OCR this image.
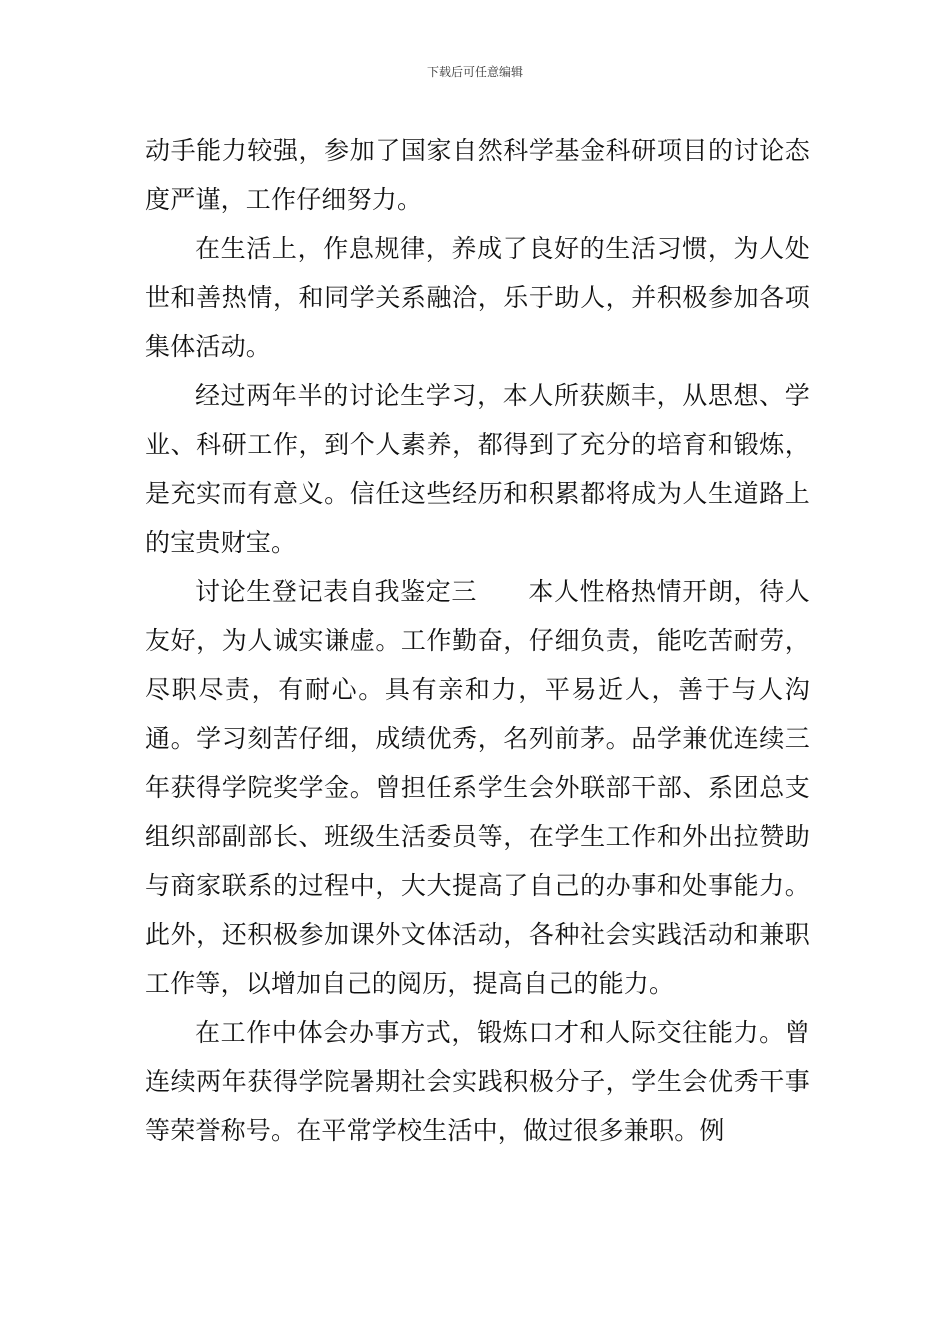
下载后可任意编辑

动手能力较强，参加了国家自然科学基金科研项目的讨论态度严谨，工作仔细努力。

在生活上，作息规律，养成了良好的生活习惯，为人处世和善热情，和同学关系融洽，乐于助人，并积极参加各项集体活动。

经过两年半的讨论生学习，本人所获颇丰，从思想、学业、科研工作，到个人素养，都得到了充分的培育和锻炼，是充实而有意义。信任这些经历和积累都将成为人生道路上的宝贵财宝。

讨论生登记表自我鉴定三　　本人性格热情开朗，待人友好，为人诚实谦虚。工作勤奋，仔细负责，能吃苦耐劳，尽职尽责，有耐心。具有亲和力，平易近人，善于与人沟通。学习刻苦仔细，成绩优秀，名列前茅。品学兼优连续三年获得学院奖学金。曾担任系学生会外联部干部、系团总支组织部副部长、班级生活委员等，在学生工作和外出拉赞助与商家联系的过程中，大大提高了自己的办事和处事能力。此外，还积极参加课外文体活动，各种社会实践活动和兼职工作等，以增加自己的阅历，提高自己的能力。

在工作中体会办事方式，锻炼口才和人际交往能力。曾连续两年获得学院暑期社会实践积极分子，学生会优秀干事等荣誉称号。在平常学校生活中，做过很多兼职。例
